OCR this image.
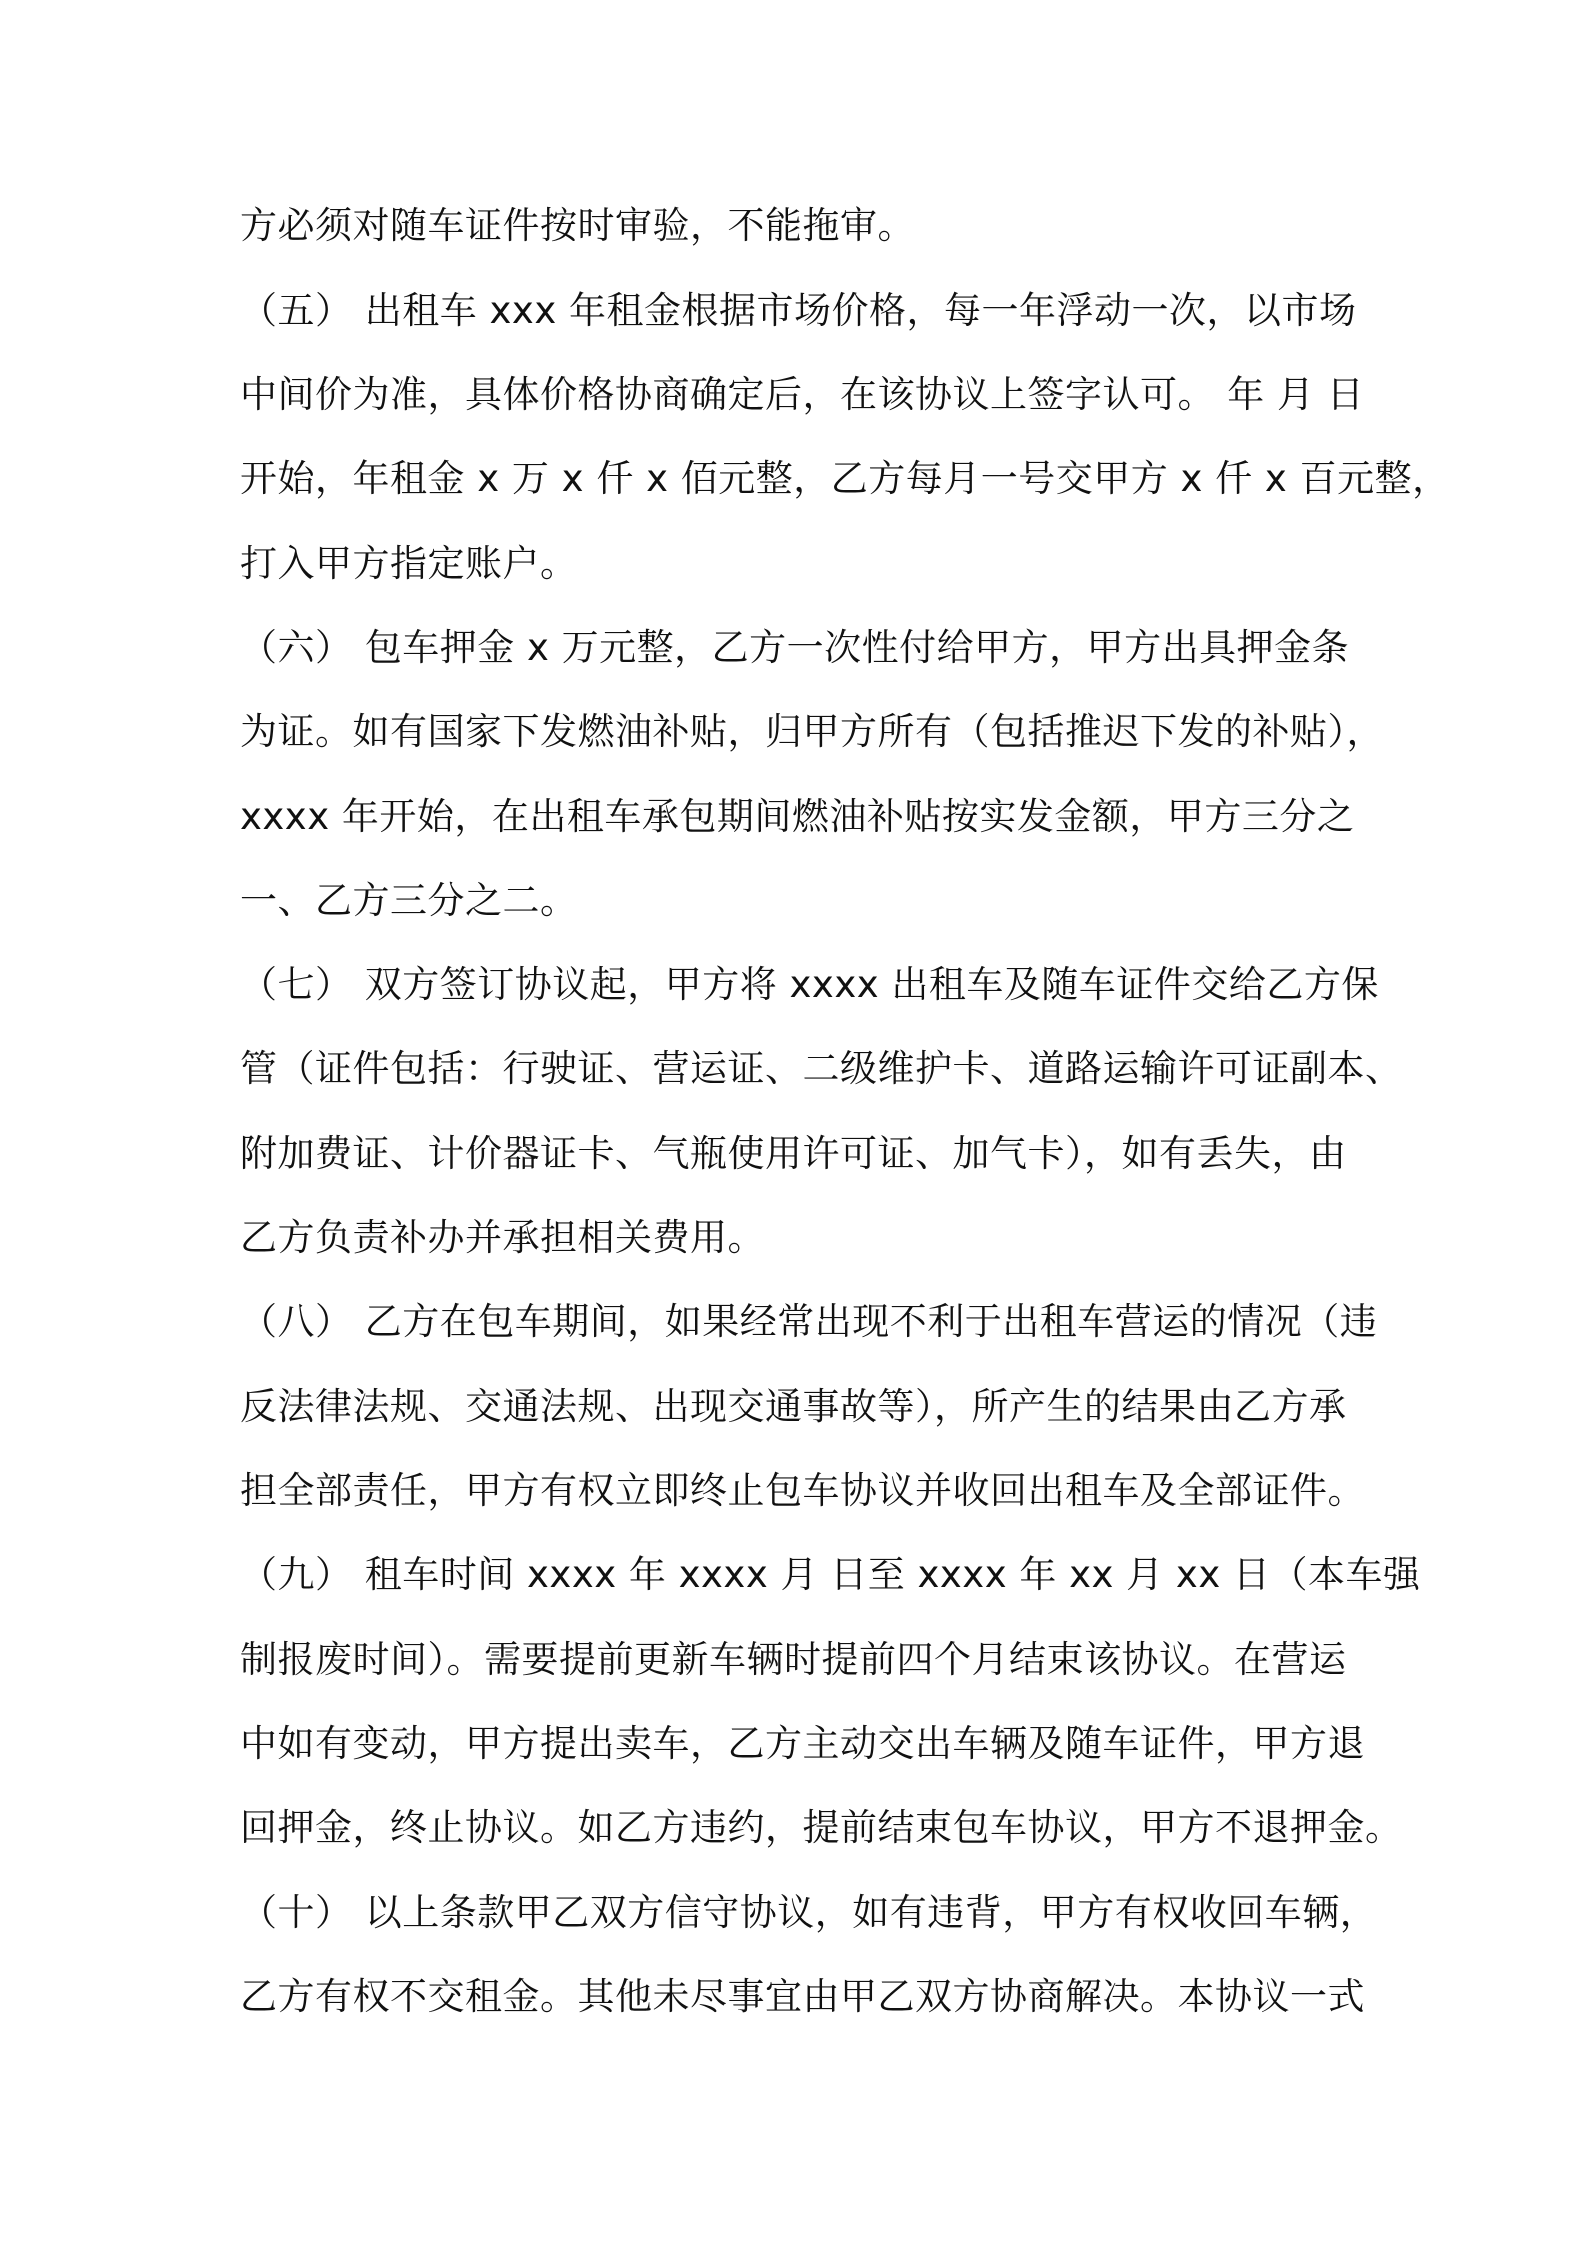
方必须对随车证件按时审验，不能拖审。
（五） 出租车 xxx 年租金根据市场价格，每一年浮动一次，以市场
中间价为准，具体价格协商确定后，在该协议上签字认可。 年 月 日
开始，年租金 x 万 x 仟 x 佰元整，乙方每月一号交甲方 x 仟 x 百元整，
打入甲方指定账户。
（六） 包车押金 x 万元整，乙方一次性付给甲方，甲方出具押金条
为证。如有国家下发燃油补贴，归甲方所有（包括推迟下发的补贴），
xxxx 年开始，在出租车承包期间燃油补贴按实发金额，甲方三分之
一、乙方三分之二。
（七） 双方签订协议起，甲方将 xxxx 出租车及随车证件交给乙方保
管（证件包括：行驶证、营运证、二级维护卡、道路运输许可证副本、
附加费证、计价器证卡、气瓶使用许可证、加气卡），如有丢失，由
乙方负责补办并承担相关费用。
（八） 乙方在包车期间，如果经常出现不利于出租车营运的情况（违
反法律法规、交通法规、出现交通事故等），所产生的结果由乙方承
担全部责任，甲方有权立即终止包车协议并收回出租车及全部证件。
（九） 租车时间 xxxx 年 xxxx 月 日至 xxxx 年 xx 月 xx 日（本车强
制报废时间）。需要提前更新车辆时提前四个月结束该协议。在营运
中如有变动，甲方提出卖车，乙方主动交出车辆及随车证件，甲方退
回押金，终止协议。如乙方违约，提前结束包车协议，甲方不退押金。
（十） 以上条款甲乙双方信守协议，如有违背，甲方有权收回车辆，
乙方有权不交租金。其他未尽事宜由甲乙双方协商解决。本协议一式
